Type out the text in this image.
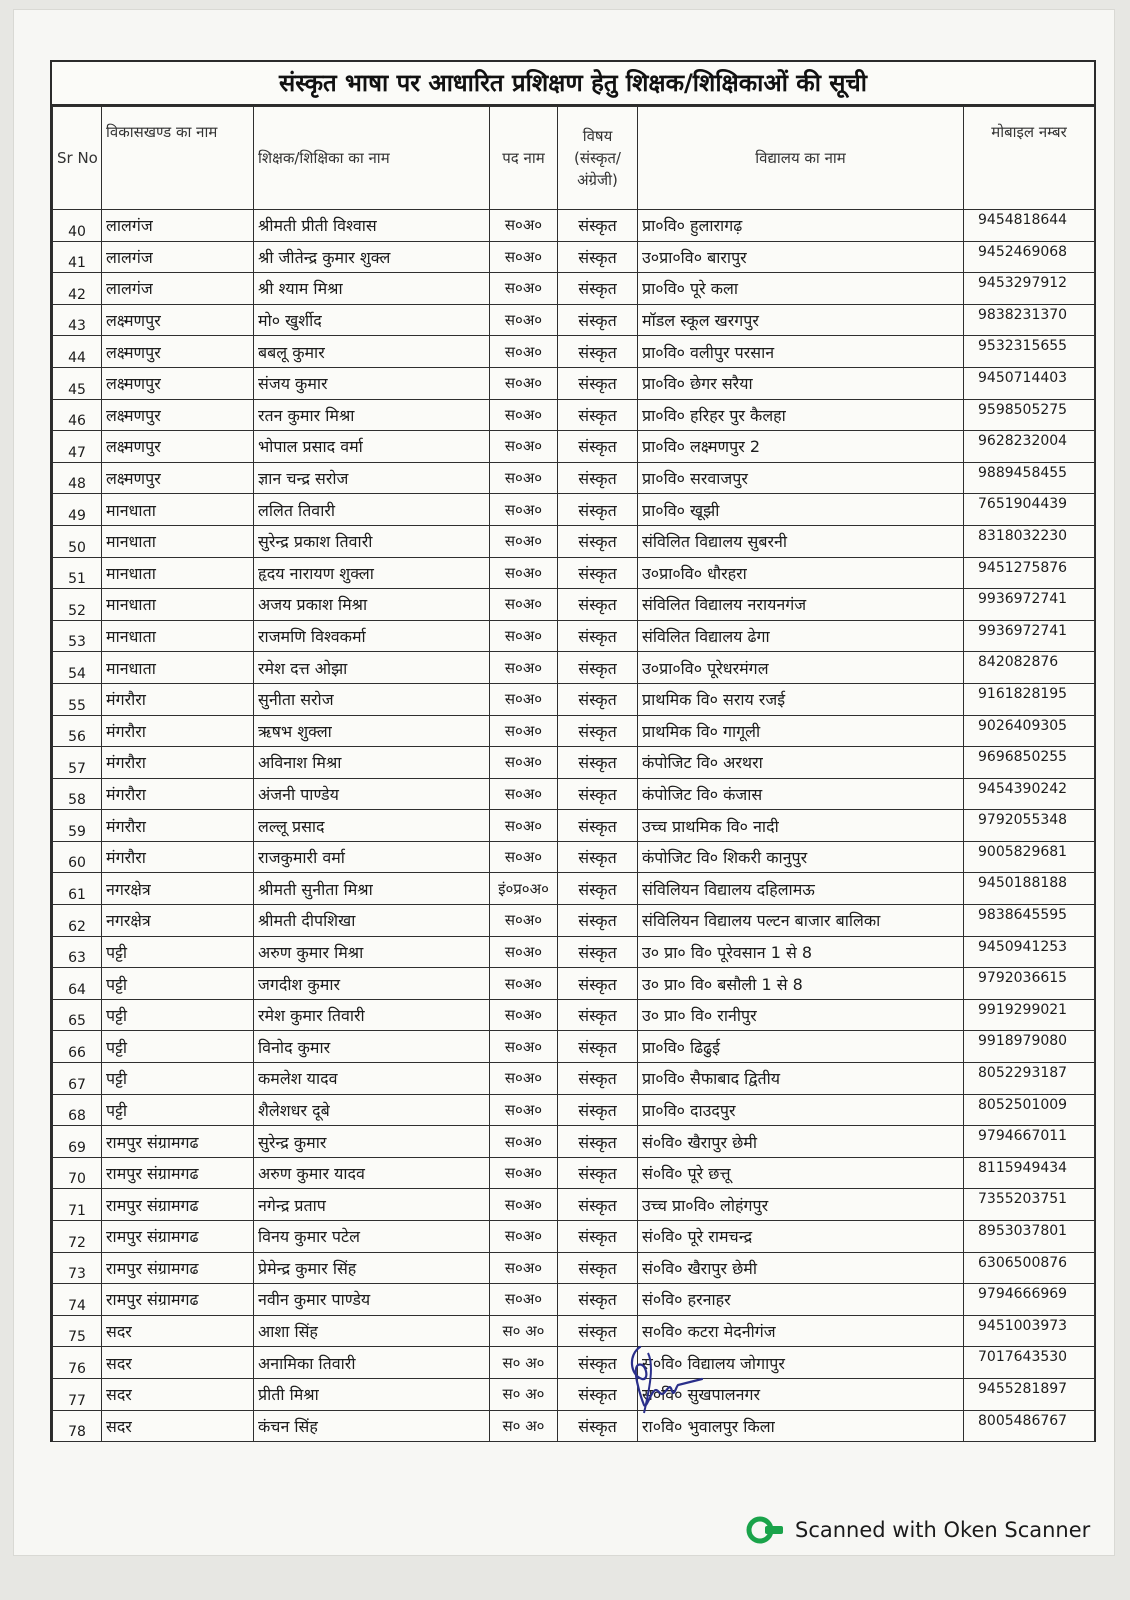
संस्कृत भाषा पर आधारित प्रशिक्षण हेतु शिक्षक/शिक्षिकाओं की सूची
Sr No	विकासखण्ड का नाम	शिक्षक/शिक्षिका का नाम	पद नाम	विषय (संस्कृत/ अंग्रेजी)	विद्यालय का नाम	मोबाइल नम्बर
40	लालगंज	श्रीमती प्रीती विश्वास	स०अ०	संस्कृत	प्रा०वि० हुलारागढ़	9454818644
41	लालगंज	श्री जीतेन्द्र कुमार शुक्ल	स०अ०	संस्कृत	उ०प्रा०वि० बारापुर	9452469068
42	लालगंज	श्री श्याम मिश्रा	स०अ०	संस्कृत	प्रा०वि० पूरे कला	9453297912
43	लक्ष्मणपुर	मो० खुर्शीद	स०अ०	संस्कृत	मॉडल स्कूल खरगपुर	9838231370
44	लक्ष्मणपुर	बबलू कुमार	स०अ०	संस्कृत	प्रा०वि० वलीपुर परसान	9532315655
45	लक्ष्मणपुर	संजय कुमार	स०अ०	संस्कृत	प्रा०वि० छेगर सरैया	9450714403
46	लक्ष्मणपुर	रतन कुमार मिश्रा	स०अ०	संस्कृत	प्रा०वि० हरिहर पुर कैलहा	9598505275
47	लक्ष्मणपुर	भोपाल प्रसाद वर्मा	स०अ०	संस्कृत	प्रा०वि० लक्ष्मणपुर 2	9628232004
48	लक्ष्मणपुर	ज्ञान चन्द्र सरोज	स०अ०	संस्कृत	प्रा०वि० सरवाजपुर	9889458455
49	मानधाता	ललित तिवारी	स०अ०	संस्कृत	प्रा०वि० खूझी	7651904439
50	मानधाता	सुरेन्द्र प्रकाश तिवारी	स०अ०	संस्कृत	संविलित विद्यालय सुबरनी	8318032230
51	मानधाता	हृदय नारायण शुक्ला	स०अ०	संस्कृत	उ०प्रा०वि० धौरहरा	9451275876
52	मानधाता	अजय प्रकाश मिश्रा	स०अ०	संस्कृत	संविलित विद्यालय नरायनगंज	9936972741
53	मानधाता	राजमणि विश्वकर्मा	स०अ०	संस्कृत	संविलित विद्यालय ढेगा	9936972741
54	मानधाता	रमेश दत्त ओझा	स०अ०	संस्कृत	उ०प्रा०वि० पूरेधरमंगल	842082876
55	मंगरौरा	सुनीता सरोज	स०अ०	संस्कृत	प्राथमिक वि० सराय रजई	9161828195
56	मंगरौरा	ऋषभ शुक्ला	स०अ०	संस्कृत	प्राथमिक वि० गागूली	9026409305
57	मंगरौरा	अविनाश मिश्रा	स०अ०	संस्कृत	कंपोजिट वि० अरथरा	9696850255
58	मंगरौरा	अंजनी पाण्डेय	स०अ०	संस्कृत	कंपोजिट वि० कंजास	9454390242
59	मंगरौरा	लल्लू प्रसाद	स०अ०	संस्कृत	उच्च प्राथमिक वि० नादी	9792055348
60	मंगरौरा	राजकुमारी वर्मा	स०अ०	संस्कृत	कंपोजिट वि० शिकरी कानुपुर	9005829681
61	नगरक्षेत्र	श्रीमती सुनीता मिश्रा	इं०प्र०अ०	संस्कृत	संविलियन विद्यालय दहिलामऊ	9450188188
62	नगरक्षेत्र	श्रीमती दीपशिखा	स०अ०	संस्कृत	संविलियन विद्यालय पल्टन बाजार बालिका	9838645595
63	पट्टी	अरुण कुमार मिश्रा	स०अ०	संस्कृत	उ० प्रा० वि० पूरेवसान 1 से 8	9450941253
64	पट्टी	जगदीश कुमार	स०अ०	संस्कृत	उ० प्रा० वि० बसौली 1 से 8	9792036615
65	पट्टी	रमेश कुमार तिवारी	स०अ०	संस्कृत	उ० प्रा० वि० रानीपुर	9919299021
66	पट्टी	विनोद कुमार	स०अ०	संस्कृत	प्रा०वि० ढिढुई	9918979080
67	पट्टी	कमलेश यादव	स०अ०	संस्कृत	प्रा०वि० सैफाबाद द्वितीय	8052293187
68	पट्टी	शैलेशधर दूबे	स०अ०	संस्कृत	प्रा०वि० दाउदपुर	8052501009
69	रामपुर संग्रामगढ	सुरेन्द्र कुमार	स०अ०	संस्कृत	सं०वि० खैरापुर छेमी	9794667011
70	रामपुर संग्रामगढ	अरुण कुमार यादव	स०अ०	संस्कृत	सं०वि० पूरे छत्तू	8115949434
71	रामपुर संग्रामगढ	नगेन्द्र प्रताप	स०अ०	संस्कृत	उच्च प्रा०वि० लोहंगपुर	7355203751
72	रामपुर संग्रामगढ	विनय कुमार पटेल	स०अ०	संस्कृत	सं०वि० पूरे रामचन्द्र	8953037801
73	रामपुर संग्रामगढ	प्रेमेन्द्र कुमार सिंह	स०अ०	संस्कृत	सं०वि० खैरापुर छेमी	6306500876
74	रामपुर संग्रामगढ	नवीन कुमार पाण्डेय	स०अ०	संस्कृत	सं०वि० हरनाहर	9794666969
75	सदर	आशा सिंह	स० अ०	संस्कृत	स०वि० कटरा मेदनीगंज	9451003973
76	सदर	अनामिका तिवारी	स० अ०	संस्कृत	स०वि० विद्यालय जोगापुर	7017643530
77	सदर	प्रीती मिश्रा	स० अ०	संस्कृत	स०वि० सुखपालनगर	9455281897
78	सदर	कंचन सिंह	स० अ०	संस्कृत	रा०वि० भुवालपुर किला	8005486767
Scanned with Oken Scanner
